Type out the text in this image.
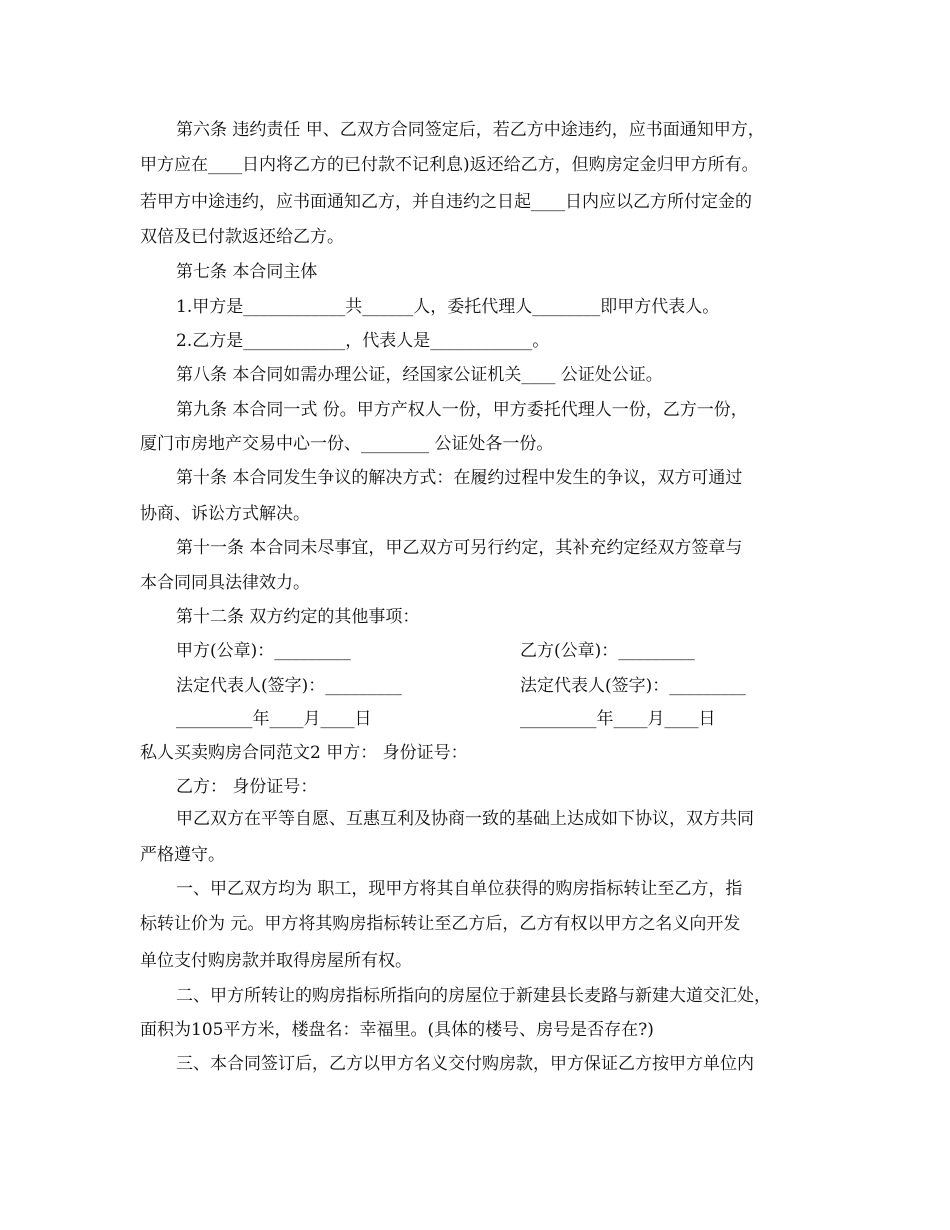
第六条 违约责任 甲、乙双方合同签定后，若乙方中途违约，应书面通知甲方，
甲方应在____日内将乙方的已付款不记利息)返还给乙方，但购房定金归甲方所有。
若甲方中途违约，应书面通知乙方，并自违约之日起____日内应以乙方所付定金的
双倍及已付款返还给乙方。
第七条 本合同主体
1.甲方是____________共______人，委托代理人________即甲方代表人。
2.乙方是____________，代表人是____________。
第八条 本合同如需办理公证，经国家公证机关____ 公证处公证。
第九条 本合同一式 份。甲方产权人一份，甲方委托代理人一份，乙方一份，
厦门市房地产交易中心一份、________ 公证处各一份。
第十条 本合同发生争议的解决方式：在履约过程中发生的争议，双方可通过
协商、诉讼方式解决。
第十一条 本合同未尽事宜，甲乙双方可另行约定，其补充约定经双方签章与
本合同同具法律效力。
第十二条 双方约定的其他事项：
甲方(公章)：_________	乙方(公章)：_________
法定代表人(签字)：_________	法定代表人(签字)：_________
_________年____月____日	_________年____月____日
私人买卖购房合同范文2 甲方： 身份证号：
乙方： 身份证号：
甲乙双方在平等自愿、互惠互利及协商一致的基础上达成如下协议，双方共同
严格遵守。
一、甲乙双方均为 职工，现甲方将其自单位获得的购房指标转让至乙方，指
标转让价为 元。甲方将其购房指标转让至乙方后，乙方有权以甲方之名义向开发
单位支付购房款并取得房屋所有权。
二、甲方所转让的购房指标所指向的房屋位于新建县长麦路与新建大道交汇处，
面积为105平方米，楼盘名：幸福里。(具体的楼号、房号是否存在?)
三、本合同签订后，乙方以甲方名义交付购房款，甲方保证乙方按甲方单位内
